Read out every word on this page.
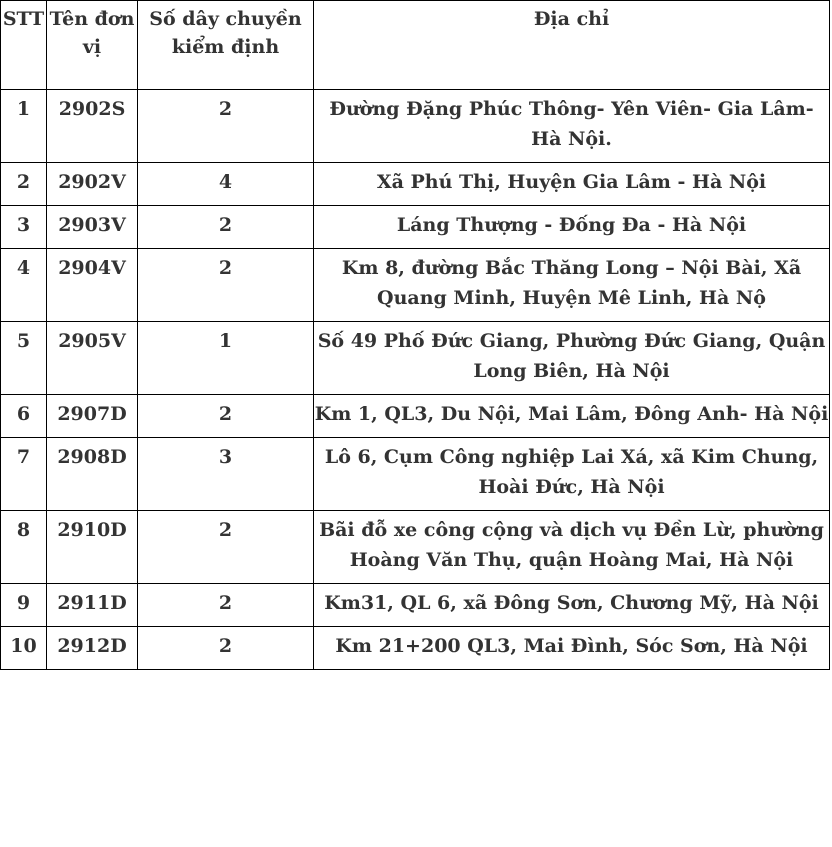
STT	Tên đơn vị	Số dây chuyền kiểm định	Địa chỉ
1	2902S	2	Đường Đặng Phúc Thông- Yên Viên- Gia Lâm- Hà Nội.
2	2902V	4	Xã Phú Thị, Huyện Gia Lâm - Hà Nội
3	2903V	2	Láng Thượng - Đống Đa - Hà Nội
4	2904V	2	Km 8, đường Bắc Thăng Long – Nội Bài, Xã Quang Minh, Huyện Mê Linh, Hà Nộ
5	2905V	1	Số 49 Phố Đức Giang, Phường Đức Giang, Quận Long Biên, Hà Nội
6	2907D	2	Km 1, QL3, Du Nội, Mai Lâm, Đông Anh- Hà Nội
7	2908D	3	Lô 6, Cụm Công nghiệp Lai Xá, xã Kim Chung, Hoài Đức, Hà Nội
8	2910D	2	Bãi đỗ xe công cộng và dịch vụ Đền Lừ, phường Hoàng Văn Thụ, quận Hoàng Mai, Hà Nội
9	2911D	2	Km31, QL 6, xã Đông Sơn, Chương Mỹ, Hà Nội
10	2912D	2	Km 21+200 QL3, Mai Đình, Sóc Sơn, Hà Nội
